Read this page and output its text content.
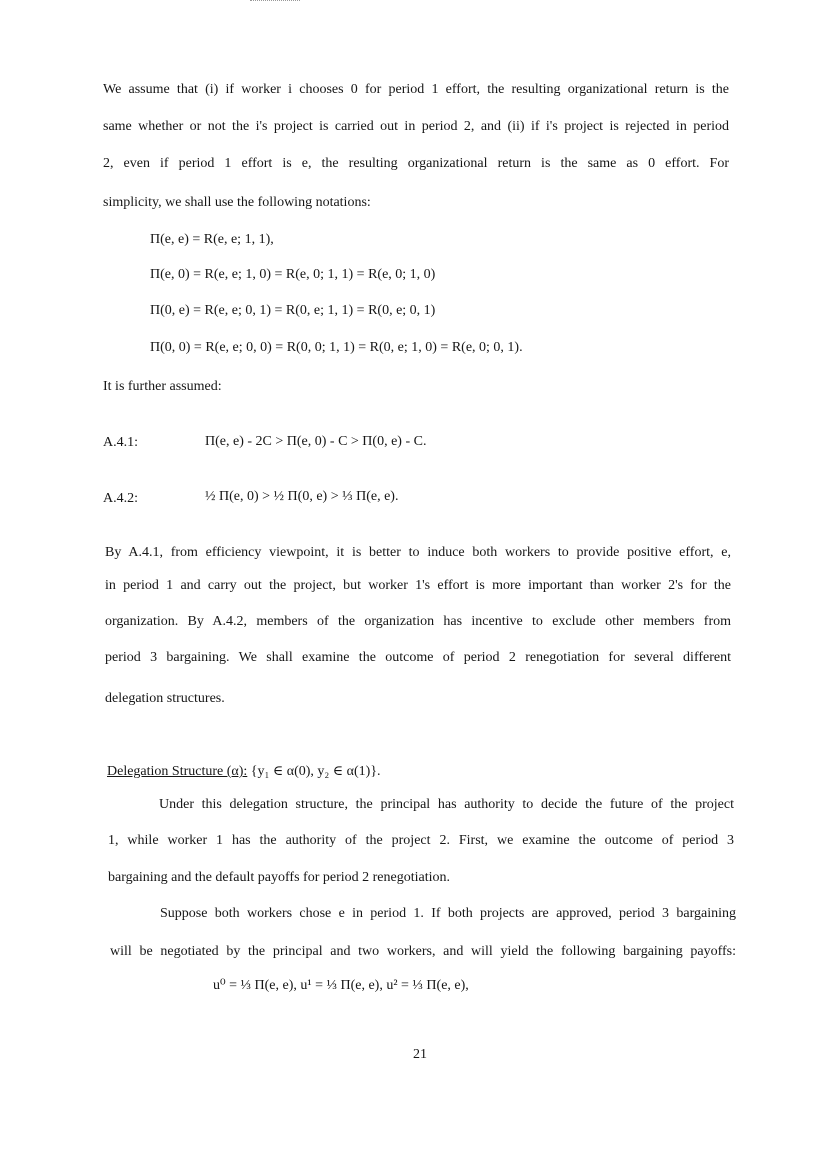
We assume that (i) if worker i chooses 0 for period 1 effort, the resulting organizational return is the
same whether or not the i's project is carried out in period 2, and (ii) if i's project is rejected in period
2, even if period 1 effort is e, the resulting organizational return is the same as 0 effort. For
simplicity, we shall use the following notations:
Π(e, e) = R(e, e; 1, 1),
Π(e, 0) = R(e, e; 1, 0) = R(e, 0; 1, 1) = R(e, 0; 1, 0)
Π(0, e) = R(e, e; 0, 1) = R(0, e; 1, 1) = R(0, e; 0, 1)
Π(0, 0) = R(e, e; 0, 0) = R(0, 0; 1, 1) = R(0, e; 1, 0) = R(e, 0; 0, 1).
It is further assumed:
A.4.1:	Π(e, e) - 2C > Π(e, 0) - C > Π(0, e) - C.
A.4.2:	½ Π(e, 0) > ½ Π(0, e) > ⅓ Π(e, e).
By A.4.1, from efficiency viewpoint, it is better to induce both workers to provide positive effort, e,
in period 1 and carry out the project, but worker 1's effort is more important than worker 2's for the
organization. By A.4.2, members of the organization has incentive to exclude other members from
period 3 bargaining. We shall examine the outcome of period 2 renegotiation for several different
delegation structures.
Delegation Structure (α): {y₁ ∈ α(0), y₂ ∈ α(1)}.
Under this delegation structure, the principal has authority to decide the future of the project
1, while worker 1 has the authority of the project 2. First, we examine the outcome of period 3
bargaining and the default payoffs for period 2 renegotiation.
Suppose both workers chose e in period 1. If both projects are approved, period 3 bargaining
will be negotiated by the principal and two workers, and will yield the following bargaining payoffs:
u⁰ = ⅓ Π(e, e), u¹ = ⅓ Π(e, e), u² = ⅓ Π(e, e),
21
